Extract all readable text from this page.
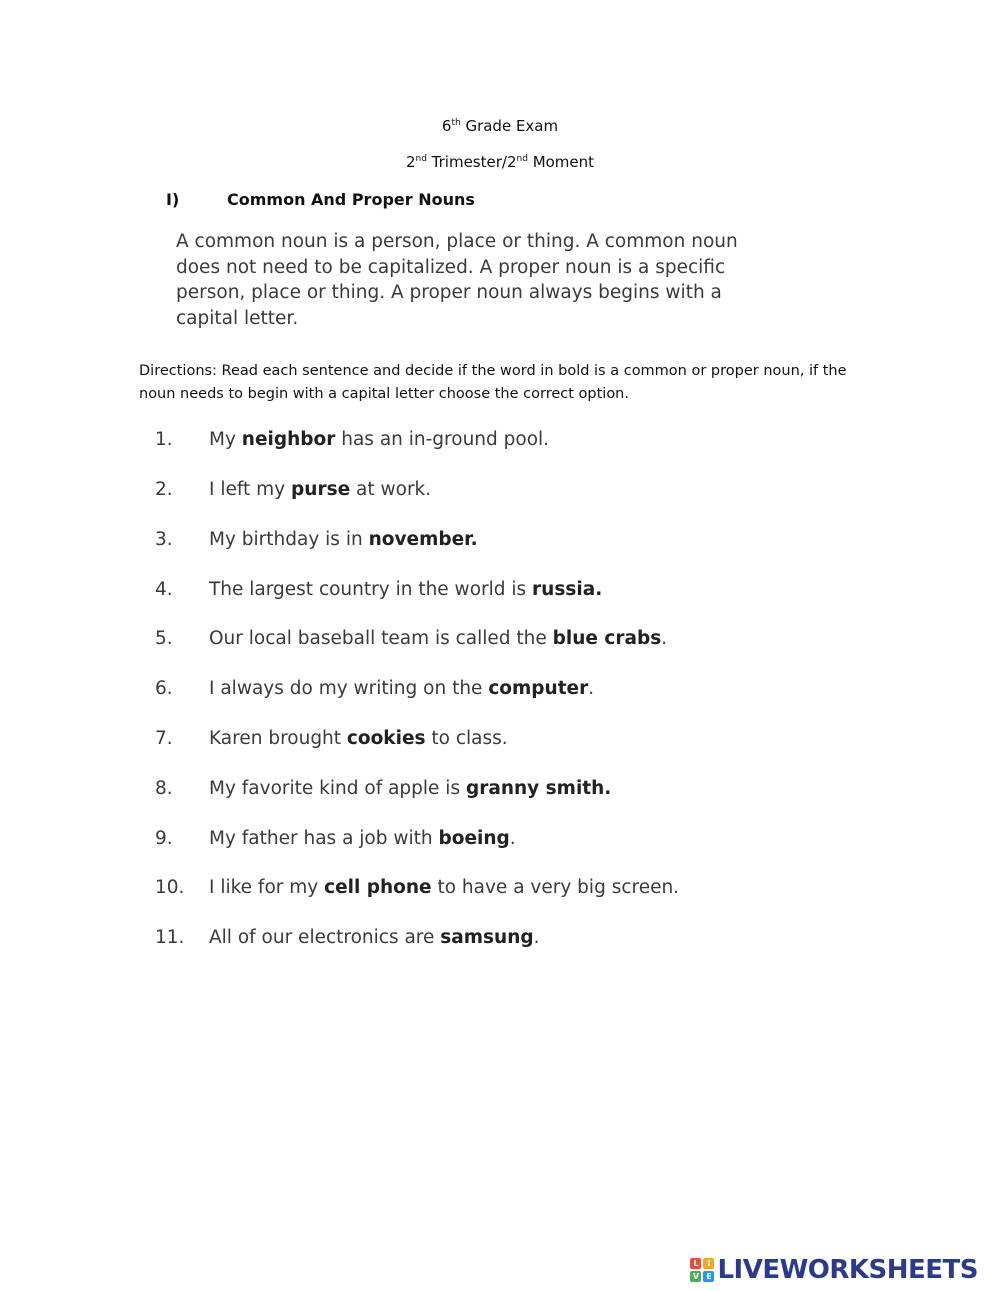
6th Grade Exam
2nd Trimester/2nd Moment
I)	Common And Proper Nouns
A common noun is a person, place or thing. A common noun
does not need to be capitalized. A proper noun is a specific
person, place or thing. A proper noun always begins with a
capital letter.
Directions: Read each sentence and decide if the word in bold is a common or proper noun, if the
noun needs to begin with a capital letter choose the correct option.
1. My neighbor has an in-ground pool.
2. I left my purse at work.
3. My birthday is in november.
4. The largest country in the world is russia.
5. Our local baseball team is called the blue crabs.
6. I always do my writing on the computer.
7. Karen brought cookies to class.
8. My favorite kind of apple is granny smith.
9. My father has a job with boeing.
10. I like for my cell phone to have a very big screen.
11. All of our electronics are samsung.
L	I
V E LIVEWORKSHEETS
